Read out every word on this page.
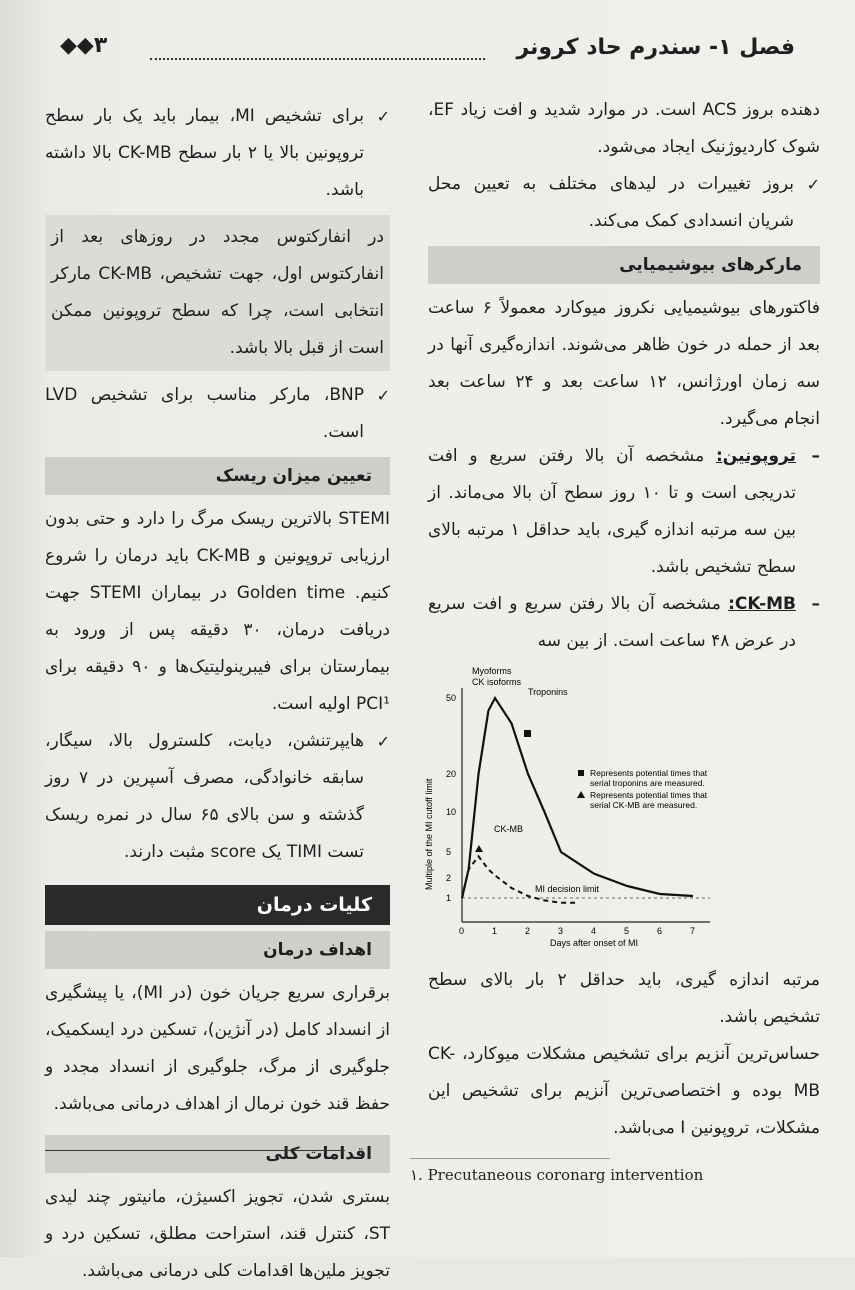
فصل ۱- سندرم حاد کرونر
◆◆۳

دهنده بروز ACS است. در موارد شدید و افت زیاد EF، شوک کاردیوژنیک ایجاد می‌شود.

✓
بروز تغییرات در لیدهای مختلف به تعیین محل شریان انسدادی کمک می‌کند.

مارکرهای بیوشیمیایی

فاکتورهای بیوشیمیایی نکروز میوکارد معمولاً ۶ ساعت بعد از حمله در خون ظاهر می‌شوند. اندازه‌گیری آنها در سه زمان اورژانس، ۱۲ ساعت بعد و ۲۴ ساعت بعد انجام می‌گیرد.

–
تروپونین: مشخصه آن بالا رفتن سریع و افت تدریجی است و تا ۱۰ روز سطح آن بالا می‌ماند. از بین سه مرتبه اندازه گیری، باید حداقل ۱ مرتبه بالای سطح تشخیص باشد.

–
CK-MB: مشخصه آن بالا رفتن سریع و افت سریع در عرض ۴۸ ساعت است. از بین سه

0	1	2	3	4	5	6	7
1
2
5
10
20
50
Myoforms
CK isoforms
Troponins
CK-MB
MI decision limit
Represents potential times that
serial troponins are measured.
Represents potential times that
serial CK-MB are measured.
Days after onset of MI
Multiple of the MI cutoff limit

مرتبه اندازه گیری، باید حداقل ۲ بار بالای سطح تشخیص باشد.

حساس‌ترین آنزیم برای تشخیص مشکلات میوکارد، CK-MB بوده و اختصاصی‌ترین آنزیم برای تشخیص این مشکلات، تروپونین I می‌باشد.

✓
برای تشخیص MI، بیمار باید یک بار سطح تروپونین بالا یا ۲ بار سطح CK-MB بالا داشته باشد.

در انفارکتوس مجدد در روزهای بعد از انفارکتوس اول، جهت تشخیص، CK-MB مارکر انتخابی است، چرا که سطح تروپونین ممکن است از قبل بالا باشد.

✓
BNP، مارکر مناسب برای تشخیص LVD است.

تعیین میزان ریسک

STEMI بالاترین ریسک مرگ را دارد و حتی بدون ارزیابی تروپونین و CK-MB باید درمان را شروع کنیم. Golden time در بیماران STEMI جهت دریافت درمان، ۳۰ دقیقه پس از ورود به بیمارستان برای فیبرینولیتیک‌ها و ۹۰ دقیقه برای PCI¹ اولیه است.

✓
هایپرتنشن، دیابت، کلسترول بالا، سیگار، سابقه خانوادگی، مصرف آسپرین در ۷ روز گذشته و سن بالای ۶۵ سال در نمره ریسک تست TIMI یک score مثبت دارند.

کلیات درمان
اهداف درمان

برقراری سریع جریان خون (در MI)، یا پیشگیری از انسداد کامل (در آنژین)، تسکین درد ایسکمیک، جلوگیری از مرگ، جلوگیری از انسداد مجدد و حفظ قند خون نرمال از اهداف درمانی می‌باشد.

اقدامات کلی

بستری شدن، تجویز اکسیژن، مانیتور چند لیدی ST، کنترل قند، استراحت مطلق، تسکین درد و تجویز ملین‌ها اقدامات کلی درمانی می‌باشد.

۱. Precutaneous coronarg intervention
